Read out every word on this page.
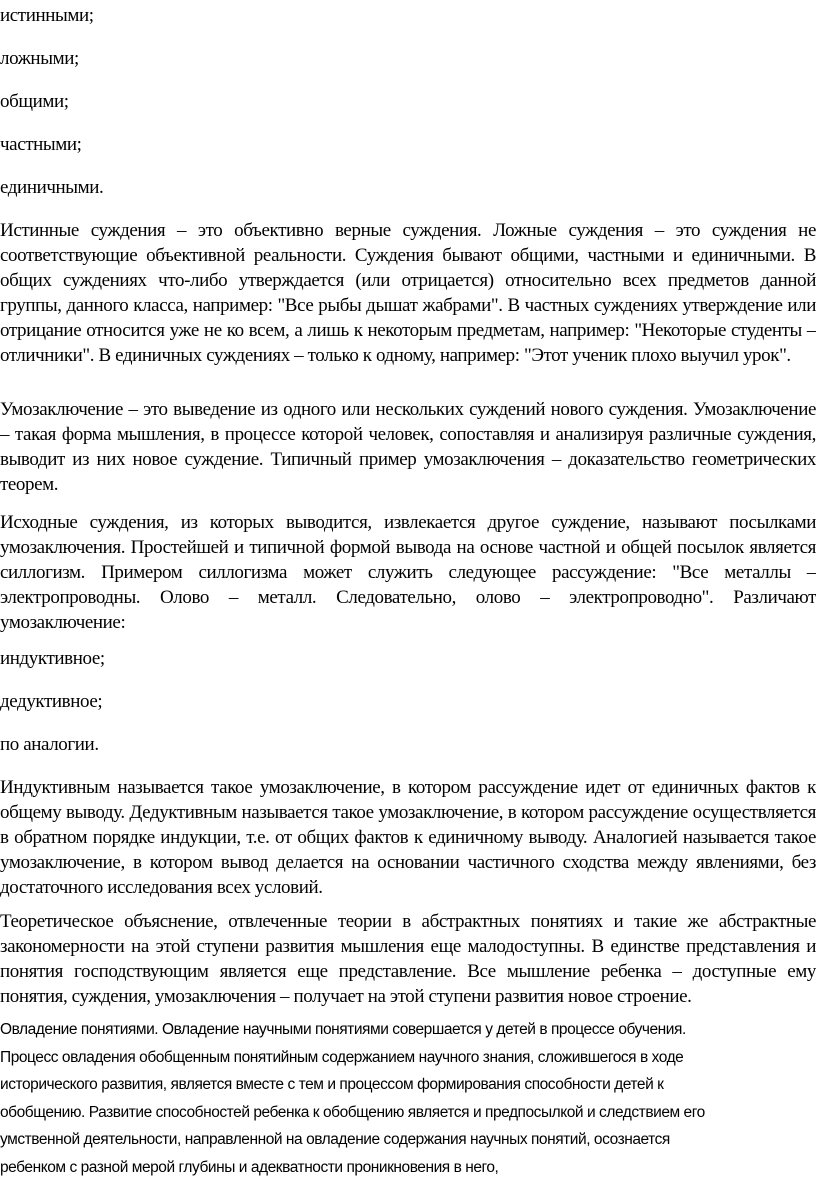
истинными;
ложными;
общими;
частными;
единичными.

Истинные суждения – это объективно верные суждения. Ложные суждения – это суждения не соответствующие объективной реальности. Суждения бывают общими, частными и единичными. В общих суждениях что-либо утверждается (или отрицается) относительно всех предметов данной группы, данного класса, например: "Все рыбы дышат жабрами". В частных суждениях утверждение или отрицание относится уже не ко всем, а лишь к некоторым предметам, например: "Некоторые студенты – отличники". В единичных суждениях – только к одному, например: "Этот ученик плохо выучил урок".

Умозаключение – это выведение из одного или нескольких суждений нового суждения. Умозаключение – такая форма мышления, в процессе которой человек, сопоставляя и анализируя различные суждения, выводит из них новое суждение. Типичный пример умозаключения – доказательство геометрических теорем.

Исходные суждения, из которых выводится, извлекается другое суждение, называют посылками умозаключения. Простейшей и типичной формой вывода на основе частной и общей посылок является силлогизм. Примером силлогизма может служить следующее рассуждение: "Все металлы – электропроводны. Олово – металл. Следовательно, олово – электропроводно". Различают умозаключение:

индуктивное;
дедуктивное;
по аналогии.

Индуктивным называется такое умозаключение, в котором рассуждение идет от единичных фактов к общему выводу. Дедуктивным называется такое умозаключение, в котором рассуждение осуществляется в обратном порядке индукции, т.е. от общих фактов к единичному выводу. Аналогией называется такое умозаключение, в котором вывод делается на основании частичного сходства между явлениями, без достаточного исследования всех условий.

Теоретическое объяснение, отвлеченные теории в абстрактных понятиях и такие же абстрактные закономерности на этой ступени развития мышления еще малодоступны. В единстве представления и понятия господствующим является еще представление. Все мышление ребенка – доступные ему понятия, суждения, умозаключения – получает на этой ступени развития новое строение.

Овладение понятиями. Овладение научными понятиями совершается у детей в процессе обучения.
Процесс овладения обобщенным понятийным содержанием научного знания, сложившегося в ходе
исторического развития, является вместе с тем и процессом формирования способности детей к
обобщению. Развитие способностей ребенка к обобщению является и предпосылкой и следствием его
умственной деятельности, направленной на овладение содержания научных понятий, осознается
ребенком с разной мерой глубины и адекватности проникновения в него,
